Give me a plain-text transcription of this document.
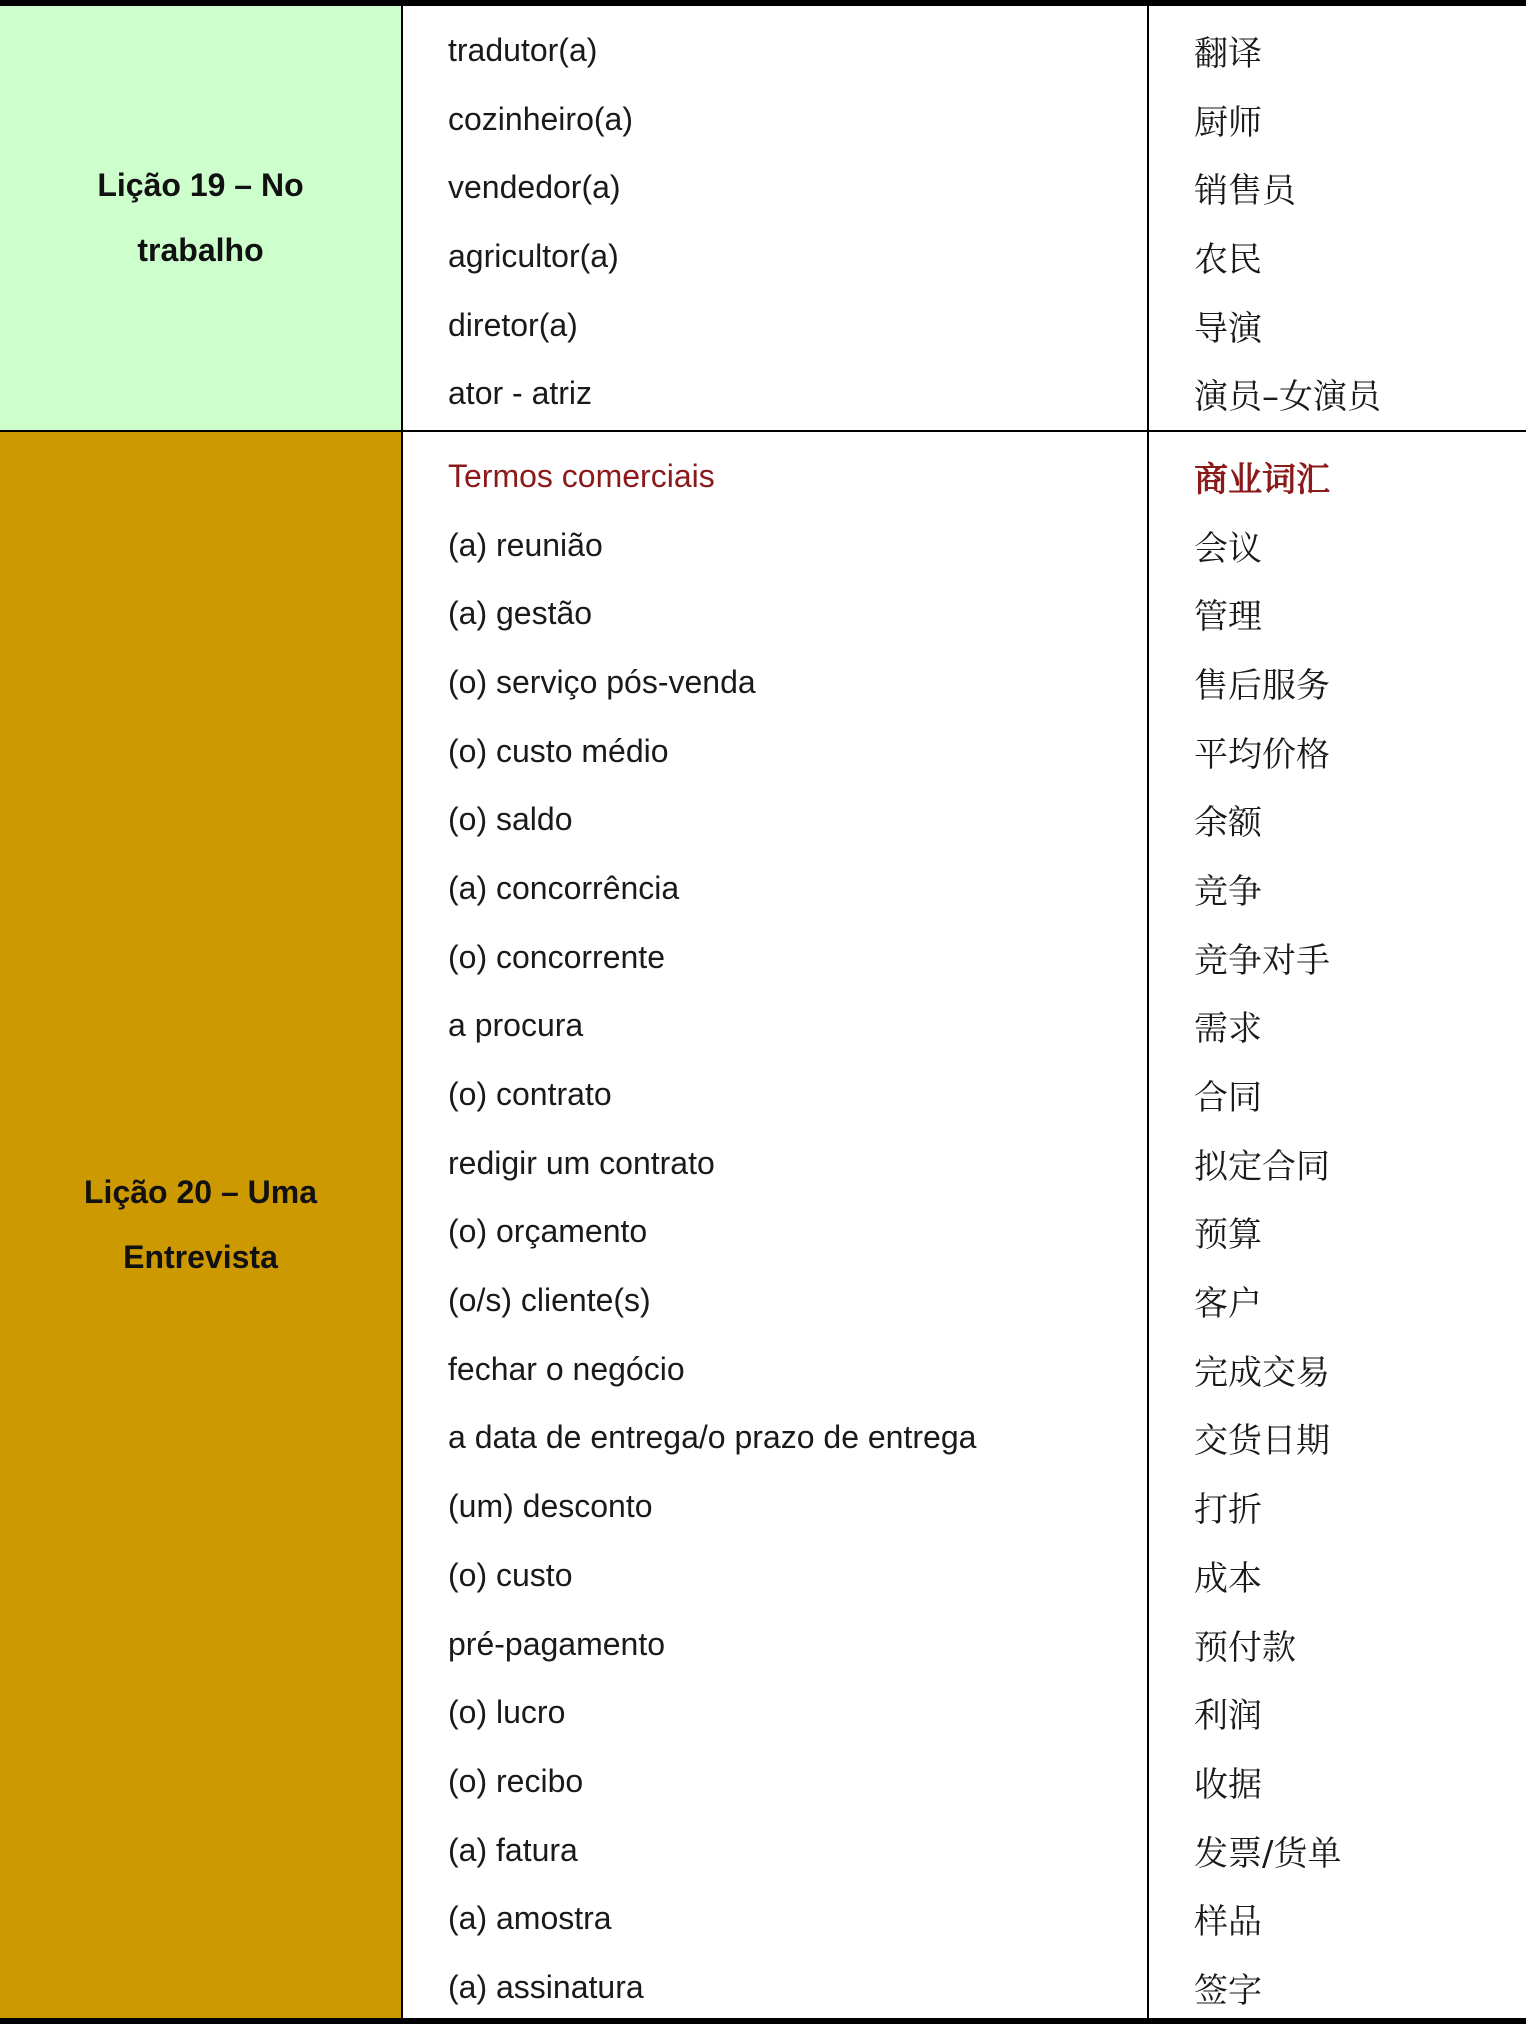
Lição 19 – No
trabalho
tradutor(a)	翻译
cozinheiro(a)	厨师
vendedor(a)	销售员
agricultor(a)	农民
diretor(a)	导演
ator - atriz	演员–女演员
Lição 20 – Uma
Entrevista
Termos comerciais	商业词汇
(a) reunião	会议
(a) gestão	管理
(o) serviço pós-venda	售后服务
(o) custo médio	平均价格
(o) saldo	余额
(a) concorrência	竞争
(o) concorrente	竞争对手
a procura	需求
(o) contrato	合同
redigir um contrato	拟定合同
(o) orçamento	预算
(o/s) cliente(s)	客户
fechar o negócio	完成交易
a data de entrega/o prazo de entrega	交货日期
(um) desconto	打折
(o) custo	成本
pré-pagamento	预付款
(o) lucro	利润
(o) recibo	收据
(a) fatura	发票/货单
(a) amostra	样品
(a) assinatura	签字
